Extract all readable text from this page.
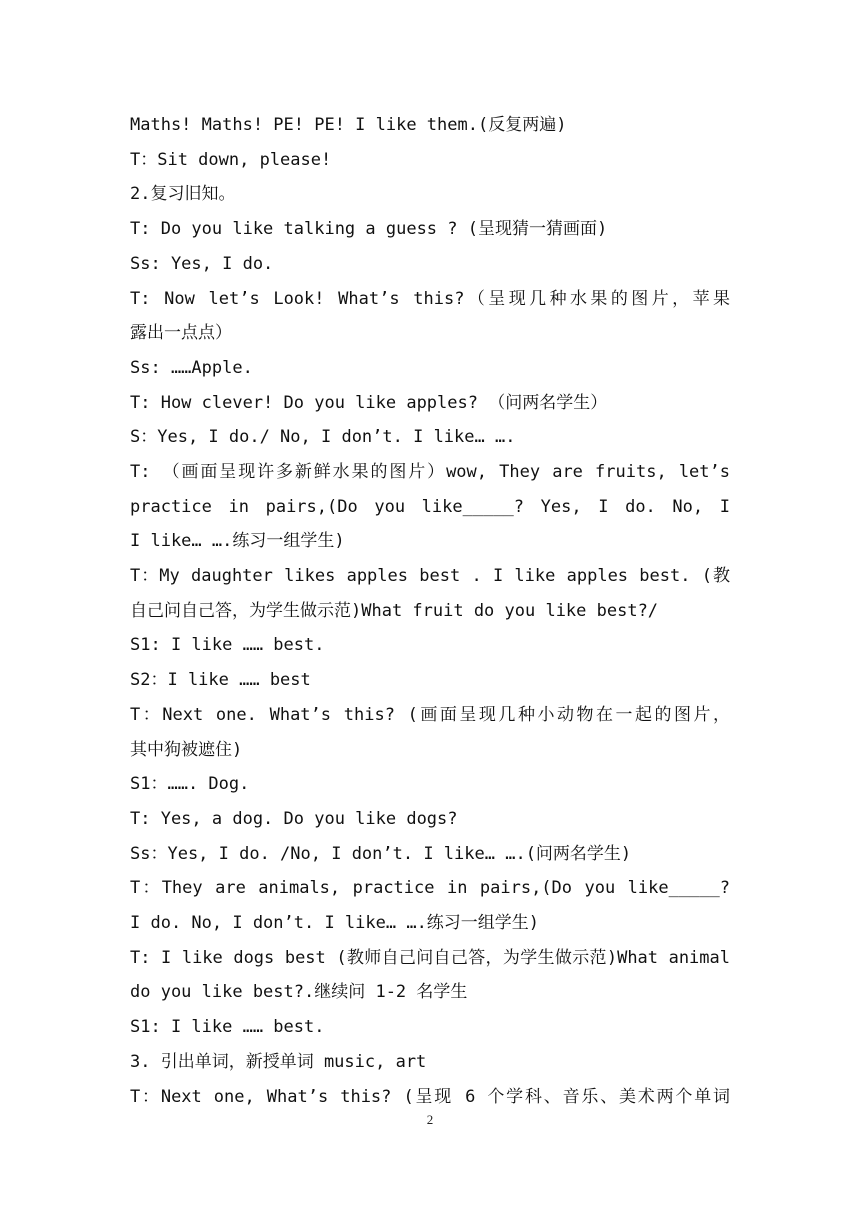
Maths! Maths! PE! PE! I like them.(反复两遍)
T：Sit down, please!
2.复习旧知。
T: Do you like talking a guess ? (呈现猜一猜画面)
Ss: Yes, I do.
T: Now let’s Look! What’s this?（呈现几种水果的图片，苹果
露出一点点）
Ss: ……Apple.
T: How clever! Do you like apples? （问两名学生）
S：Yes, I do./ No, I don’t. I like… ….
T: （画面呈现许多新鲜水果的图片）wow, They are fruits, let’s
practice in pairs,(Do you like_____? Yes, I do. No, I
I like… ….练习一组学生)
T：My daughter likes apples best . I like apples best. (教
自己问自己答，为学生做示范)What fruit do you like best?/
S1: I like …… best.
S2：I like …… best
T：Next one. What’s this? (画面呈现几种小动物在一起的图片，
其中狗被遮住)
S1：……. Dog.
T: Yes, a dog. Do you like dogs?
Ss：Yes, I do. /No, I don’t. I like… ….(问两名学生)
T：They are animals, practice in pairs,(Do you like_____?
I do. No, I don’t. I like… ….练习一组学生)
T: I like dogs best (教师自己问自己答，为学生做示范)What animal
do you like best?.继续问 1-2 名学生
S1: I like …… best.
3. 引出单词，新授单词 music, art
T：Next one, What’s this? (呈现 6 个学科、音乐、美术两个单词
2
